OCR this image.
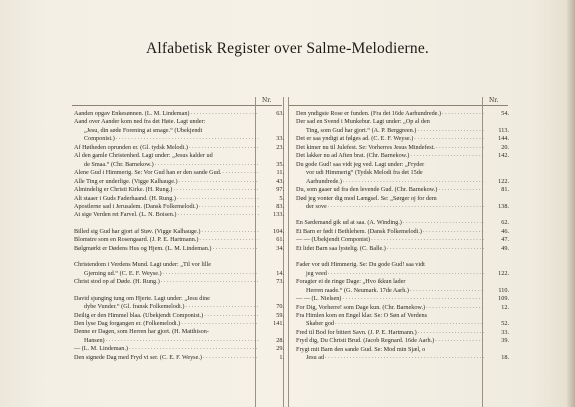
Alfabetisk Register over Salme-Melodierne.
Nr.	Nr.
Aanden opgav Enkesønnen. (L. M. Lindeman) . . .	63.
Aand over Aander kom ned fra det Høie. Lagt under:
„Jesu, din søde Forening at smage.“ (Ubekjendt
Componist.) . . .	33.
Af Høiheden oprunden er. (Gl. tydsk Melodi.) . . .	23.
Al den gamle Christenhed. Lagt under: „Jesus kalder ud
de Smaa.“ (Chr. Barnekow.) . . .	35.
Alene Gud i Himmerig. Se: Vor Gud han er den sande Gud. . . .	11.
Alle Ting er underlige. (Vigge Kalhauge.) . . .	43.
Almindelig er Christi Kirke. (H. Rung.) . . .	97.
Alt staaer i Guds Faderhaand. (H. Rung.) . . .	5.
Apostlerne sad i Jerusalem. (Dansk Folkemelodi.) . . .	83.
At sige Verden ret Farvel. (L. N. Boisen.) . . .	133.
Billed sig Gud har gjort af Støv. (Vigge Kalhauge.) . . .	104.
Blomstre som en Rosengaard. (J. P. E. Hartmann.) . . .	61.
Bølgmørkt er Dødens Hus og Hjem. (L. M. Lindeman.) . . .	34.
Christendom i Verdens Mund. Lagt under: „Til vor lille
Gjerning ud.“ (C. E. F. Weyse.) . . .	14.
Christ stod op af Døde. (H. Rung.) . . .	73.
David sjunging tung om Hjerte. Lagt under: „Jesu dine
dybe Vunder.“ (Gl. fransk Folkemelodi.) . . .	70.
Deilig er den Himmel blaa. (Ubekjendt Componist.) . . .	59.
Den lyse Dag forgangen er. (Folkemelodi.) . . .	141.
Denne er Dagen, som Herren har gjort. (H. Matthison-
Hansen) . . .	28.
— (L. M. Lindeman.) . . .	29.
Den signede Dag med Fryd vi ser. (C. E. F. Weyse.) . . .	1.
Den yndigste Rose er funden. (Fra det 16de Aarhundrede.) . . .	54.
Der sad en Svend i Munkebur. Lagt under: „Op al den
Ting, som Gud har gjort.“ (A. P. Berggreen.) . . .	113.
Det er saa yndigt at følges ad. (C. E. F. Weyse.) . . .	144.
Det kimer nu til Julefest. Se: Vorherres Jesus Mindefest. . . .	20.
Det lakker nu ad Aften brat. (Chr. Barnekow.) . . .	142.
Du gode Gud! saa vidt jeg ved. Lagt under: „Fryder
vor udi Himmerig“ (Tydsk Melodi fra det 15de
Aarhundrede.) . . .	122.
Du, som gaaer ud fra den levende Gud. (Chr. Barnekow.) . . .	81.
Død jeg vonter dig mod Længsel. Se: „Sørger oj for dem
der sove . . .	138.
En Sædemand gik ud at saa. (A. Winding.) . . .	62.
Et Barn er født i Bethlehem. (Dansk Folkemelodi.) . . .	46.
— — (Ubekjendt Componist) . . .	47.
Et lidet Barn saa lystelig. (C. Balle.) . . .	49.
Fader vor udi Himmerig. Se: Du gode Gud! saa vidt
jeg veed . . .	122.
Foragter ei de ringe Dage: „Hvo ikkun lader
Herren raade.“ (G. Neumark. 17de Aarh.) . . .	110.
— — (L. Nielsen) . . .	109.
For Dig, Vorherre! som Dage kun. (Chr. Barnekow.) . . .	12.
Fra Himlen kom en Engel klar. Se: O Søn af Verdens
Skaber god . . .	52.
Fred til Bod for bittert Savn. (J. P. E. Hartmann.) . . .	33.
Fryd dig, Du Christi Brud. (Jacob Regnard. 16de Aarh.) . . .	39.
Frygt mit Barn den sande Gud. Se: Mod min Sjæl, o
Jesu ad . . .	18.
